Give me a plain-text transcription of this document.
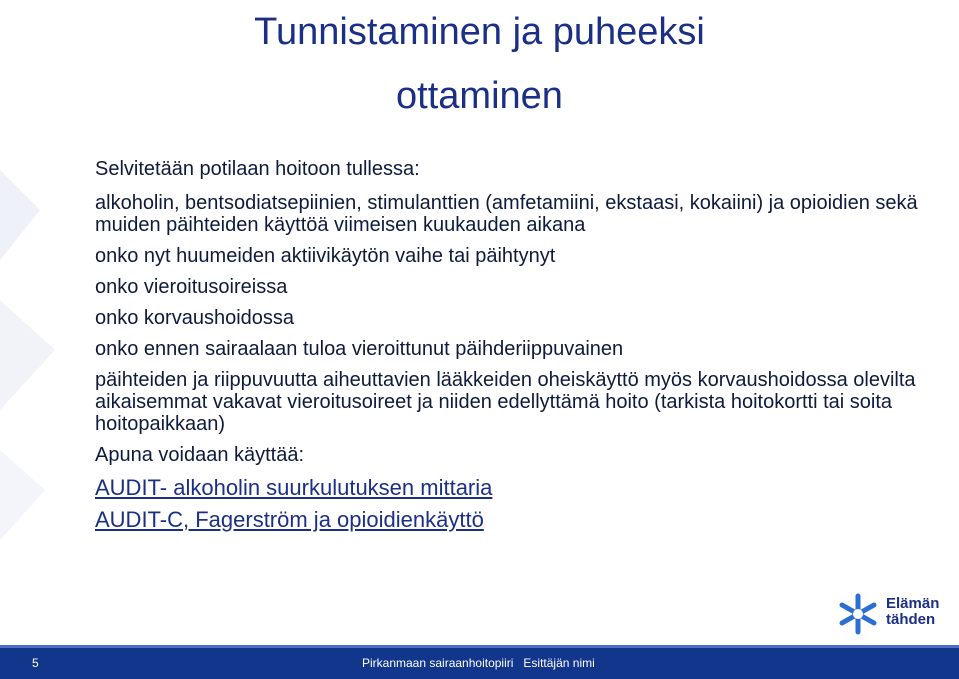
Tunnistaminen ja puheeksi
ottaminen

Selvitetään potilaan hoitoon tullessa:

alkoholin, bentsodiatsepiinien, stimulanttien (amfetamiini, ekstaasi, kokaiini) ja opioidien sekä muiden päihteiden käyttöä viimeisen kuukauden aikana

onko nyt huumeiden aktiivikäytön vaihe tai päihtynyt

onko vieroitusoireissa

onko korvaushoidossa

onko ennen sairaalaan tuloa vieroittunut päihderiippuvainen

päihteiden ja riippuvuutta aiheuttavien lääkkeiden oheiskäyttö myös korvaushoidossa olevilta aikaisemmat vakavat vieroitusoireet ja niiden edellyttämä hoito (tarkista hoitokortti tai soita hoitopaikkaan)

Apuna voidaan käyttää:

AUDIT- alkoholin suurkulutuksen mittaria
AUDIT-C, Fagerström ja opioidienkäyttö
Elämän
tähden
5	Pirkanmaan sairaanhoitopiiri   Esittäjän nimi
